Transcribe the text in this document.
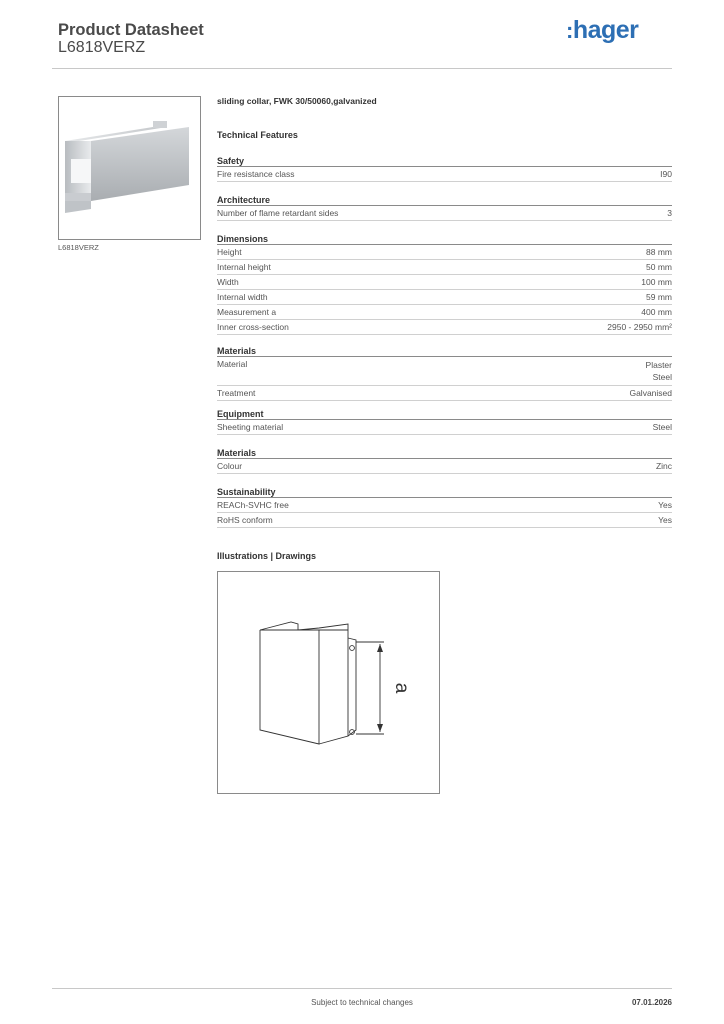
Product Datasheet
L6818VERZ
:hager
L6818VERZ
sliding collar, FWK 30/50060,galvanized
Technical Features
Safety
Fire resistance class	I90
Architecture
Number of flame retardant sides	3
Dimensions
Height	88 mm
Internal height	50 mm
Width	100 mm
Internal width	59 mm
Measurement a	400 mm
Inner cross-section	2950 - 2950 mm²
Materials
Material	Plaster
Steel
Treatment	Galvanised
Equipment
Sheeting material	Steel
Materials
Colour	Zinc
Sustainability
REACh-SVHC free	Yes
RoHS conform	Yes
Illustrations | Drawings
a
Subject to technical changes	07.01.2026
